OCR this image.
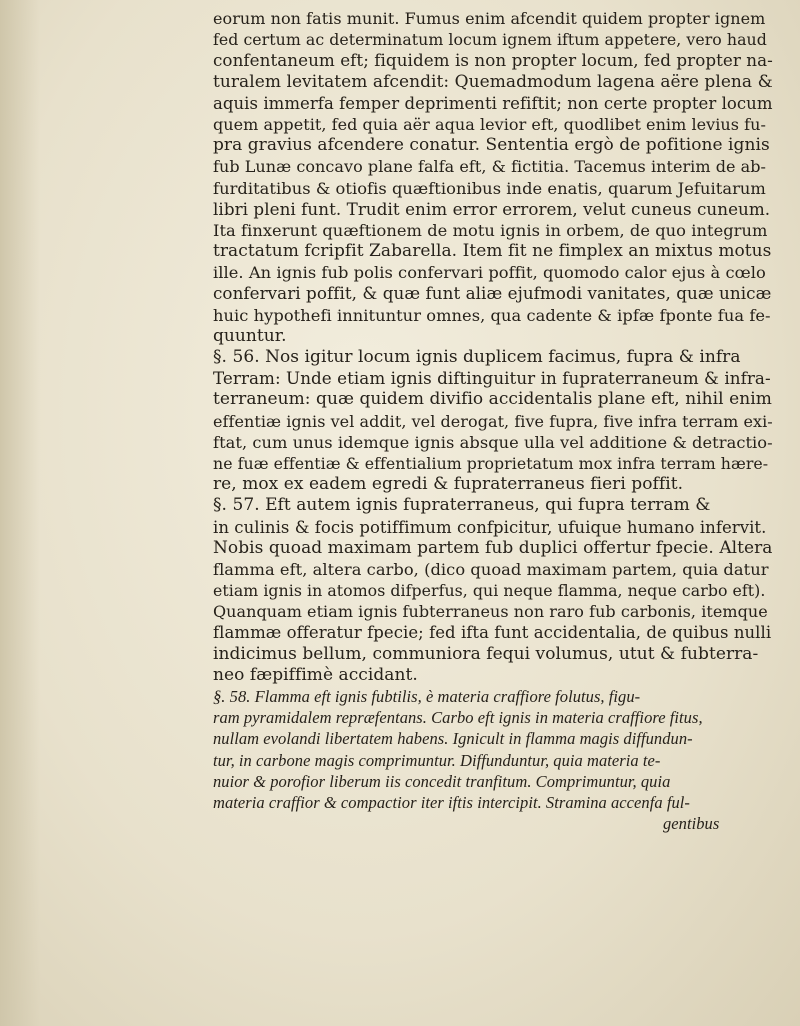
eorum non fatis munit. Fumus enim afcendit quidem propter ignem
fed certum ac determinatum locum ignem iftum appetere, vero haud
confentaneum eft; fiquidem is non propter locum, fed propter na-
turalem levitatem afcendit: Quemadmodum lagena aëre plena &
aquis immerfa femper deprimenti refiftit; non certe propter locum
quem appetit, fed quia aër aqua levior eft, quodlibet enim levius fu-
pra gravius afcendere conatur. Sententia ergò de pofitione ignis
fub Lunæ concavo plane falfa eft, & fictitia. Tacemus interim de ab-
furditatibus & otiofis quæftionibus inde enatis, quarum Jefuitarum
libri pleni funt. Trudit enim error errorem, velut cuneus cuneum.
Ita finxerunt quæftionem de motu ignis in orbem, de quo integrum
tractatum fcripfit Zabarella. Item fit ne fimplex an mixtus motus
ille. An ignis fub polis confervari poffit, quomodo calor ejus à cœlo
confervari poffit, & quæ funt aliæ ejufmodi vanitates, quæ unicæ
huic hypothefi innituntur omnes, qua cadente & ipfæ fponte fua fe-
quuntur.
§. 56. Nos igitur locum ignis duplicem facimus, fupra & infra
Terram: Unde etiam ignis diftinguitur in fupraterraneum & infra-
terraneum: quæ quidem divifio accidentalis plane eft, nihil enim
effentiæ ignis vel addit, vel derogat, five fupra, five infra terram exi-
ftat, cum unus idemque ignis absque ulla vel additione & detractio-
ne fuæ effentiæ & effentialium proprietatum mox infra terram hære-
re, mox ex eadem egredi & fupraterraneus fieri poffit.
§. 57. Eft autem ignis fupraterraneus, qui fupra terram &
in culinis & focis potiffimum confpicitur, ufuique humano infervit.
Nobis quoad maximam partem fub duplici offertur fpecie. Altera
flamma eft, altera carbo, (dico quoad maximam partem, quia datur
etiam ignis in atomos difperfus, qui neque flamma, neque carbo eft).
Quanquam etiam ignis fubterraneus non raro fub carbonis, itemque
flammæ offeratur fpecie; fed ifta funt accidentalia, de quibus nulli
indicimus bellum, communiora fequi volumus, utut & fubterra-
neo fæpiffimè accidant.
§. 58. Flamma eft ignis fubtilis, è materia craffiore folutus, figu-
ram pyramidalem repræfentans. Carbo eft ignis in materia craffiore fitus,
nullam evolandi libertatem habens. Ignicult in flamma magis diffundun-
tur, in carbone magis comprimuntur. Diffunduntur, quia materia te-
nuior & porofior liberum iis concedit tranfitum. Comprimuntur, quia
materia craffior & compactior iter iftis intercipit. Stramina accenfa ful-
gentibus
